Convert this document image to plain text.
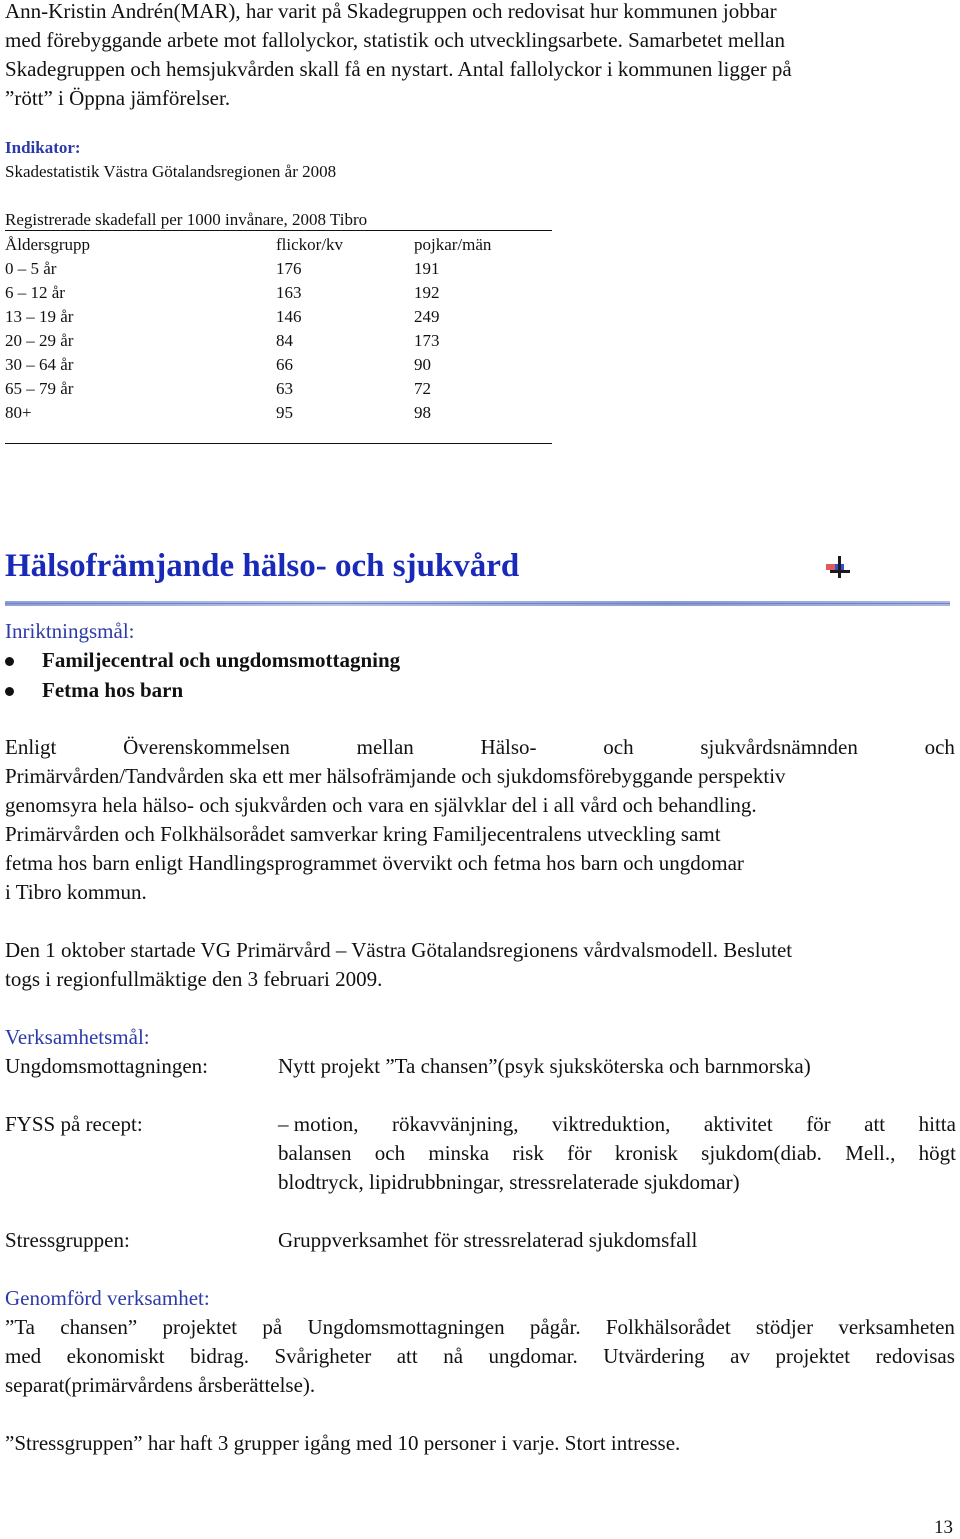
Ann-Kristin Andrén(MAR), har varit på Skadegruppen och redovisat hur kommunen jobbar
med förebyggande arbete mot fallolyckor, statistik och utvecklingsarbete. Samarbetet mellan
Skadegruppen och hemsjukvården skall få en nystart. Antal fallolyckor i kommunen ligger på
”rött” i Öppna jämförelser.
Indikator:
Skadestatistik Västra Götalandsregionen år 2008
Registrerade skadefall per 1000 invånare, 2008 Tibro
Åldersgrupp	flickor/kv	pojkar/män
0 – 5 år	176	191
6 – 12 år	163	192
13 – 19 år	146	249
20 – 29 år	84	173
30 – 64 år	66	90
65 – 79 år	63	72
80+	95	98
Hälsofrämjande hälso- och sjukvård
Inriktningsmål:
Familjecentral och ungdomsmottagning
Fetma hos barn
Enligt	Överenskommelsen	mellan	Hälso-	och	sjukvårdsnämnden	och
Primärvården/Tandvården ska ett mer hälsofrämjande och sjukdomsförebyggande perspektiv
genomsyra hela hälso- och sjukvården och vara en självklar del i all vård och behandling.
Primärvården och Folkhälsorådet samverkar kring Familjecentralens utveckling samt
fetma hos barn enligt Handlingsprogrammet övervikt och fetma hos barn och ungdomar
i Tibro kommun.
Den 1 oktober startade VG Primärvård – Västra Götalandsregionens vårdvalsmodell. Beslutet
togs i regionfullmäktige den 3 februari 2009.
Verksamhetsmål:
Ungdomsmottagningen:	Nytt projekt ”Ta chansen”(psyk sjuksköterska och barnmorska)
FYSS på recept:	– motion, rökavvänjning, viktreduktion, aktivitet för att hitta
balansen och minska risk för kronisk sjukdom(diab. Mell., högt
blodtryck, lipidrubbningar, stressrelaterade sjukdomar)
Stressgruppen:	Gruppverksamhet för stressrelaterad sjukdomsfall
Genomförd verksamhet:
”Ta chansen” projektet på Ungdomsmottagningen pågår. Folkhälsorådet stödjer verksamheten
med ekonomiskt bidrag. Svårigheter att nå ungdomar. Utvärdering av projektet redovisas
separat(primärvårdens årsberättelse).
”Stressgruppen” har haft 3 grupper igång med 10 personer i varje. Stort intresse.
13
